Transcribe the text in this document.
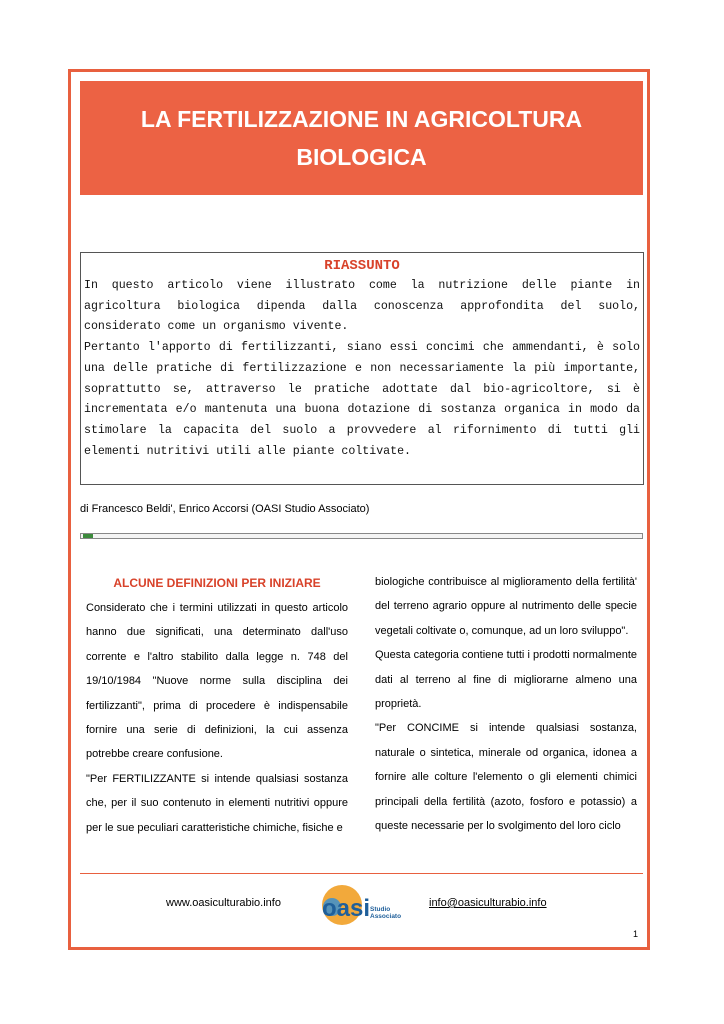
LA FERTILIZZAZIONE IN AGRICOLTURA BIOLOGICA
RIASSUNTO

In questo articolo viene illustrato come la nutrizione delle piante in agricoltura biologica dipenda dalla conoscenza approfondita del suolo, considerato come un organismo vivente.

Pertanto l'apporto di fertilizzanti, siano essi concimi che ammendanti, è solo una delle pratiche di fertilizzazione e non necessariamente la più importante, soprattutto se, attraverso le pratiche adottate dal bio-agricoltore, si è incrementata e/o mantenuta una buona dotazione di sostanza organica in modo da stimolare la capacita del suolo a provvedere al rifornimento di tutti gli elementi nutritivi utili alle piante coltivate.

di Francesco Beldi', Enrico Accorsi (OASI Studio Associato)
ALCUNE DEFINIZIONI PER INIZIARE

Considerato che i termini utilizzati in questo articolo hanno due significati, una determinato dall'uso corrente e l'altro stabilito dalla legge n. 748 del 19/10/1984 "Nuove norme sulla disciplina dei fertilizzanti", prima di procedere è indispensabile fornire una serie di definizioni, la cui assenza potrebbe creare confusione.

"Per FERTILIZZANTE si intende qualsiasi sostanza che, per il suo contenuto in elementi nutritivi oppure per le sue peculiari caratteristiche chimiche, fisiche e

biologiche contribuisce al miglioramento della fertilità' del terreno agrario oppure al nutrimento delle specie vegetali coltivate o, comunque, ad un loro sviluppo".

Questa categoria contiene tutti i prodotti normalmente dati al terreno al fine di migliorarne almeno una proprietà.

"Per CONCIME si intende qualsiasi sostanza, naturale o sintetica, minerale od organica, idonea a fornire alle colture l'elemento o gli elementi chimici principali della fertilità (azoto, fosforo e potassio) a queste necessarie per lo svolgimento del loro ciclo

www.oasiculturabio.info oasi Studio
Associato
info@oasiculturabio.info
1
